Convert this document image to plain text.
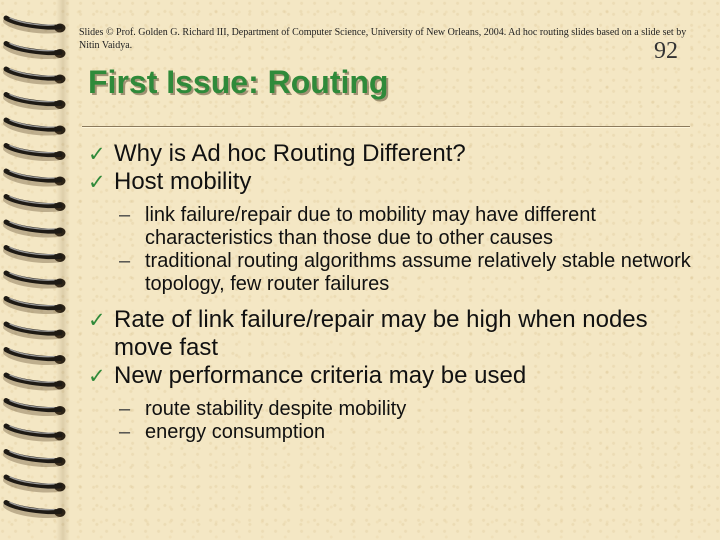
Slides © Prof. Golden G. Richard III, Department of Computer Science, University of New Orleans, 2004. Ad hoc routing slides based on a slide set by Nitin Vaidya.	92
First Issue: Routing

✓ Why is Ad hoc Routing Different?

✓ Host mobility

– link failure/repair due to mobility may have different characteristics than those due to other causes

– traditional routing algorithms assume relatively stable network topology, few router failures

✓ Rate of link failure/repair may be high when nodes move fast

✓ New performance criteria may be used

– route stability despite mobility

– energy consumption
